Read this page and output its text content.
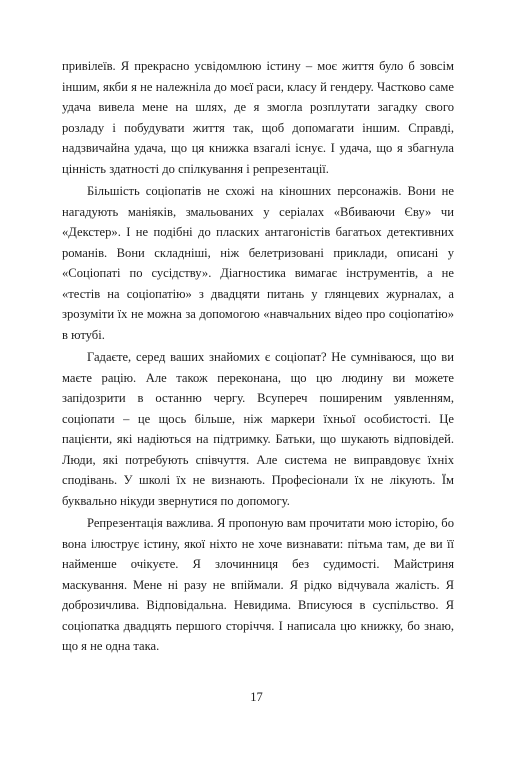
привілеїв. Я прекрасно усвідомлюю істину – моє життя було б зовсім іншим, якби я не належніла до моєї раси, класу й гендеру. Частково саме удача вивела мене на шлях, де я змогла розплутати загадку свого розладу і побудувати життя так, щоб допомагати іншим. Справді, надзвичайна удача, що ця книжка взагалі існує. І удача, що я збагнула цінність здатності до спілкування і репрезентації.

Більшість соціопатів не схожі на кіношних персонажів. Вони не нагадують маніяків, змальованих у серіалах «Вбиваючи Єву» чи «Декстер». І не подібні до пласких антагоністів багатьох детективних романів. Вони складніші, ніж белетризовані приклади, описані у «Соціопаті по сусідству». Діагностика вимагає інструментів, а не «тестів на соціопатію» з двадцяти питань у глянцевих журналах, а зрозуміти їх не можна за допомогою «навчальних відео про соціопатію» в ютубі.

Гадаєте, серед ваших знайомих є соціопат? Не сумніваюся, що ви маєте рацію. Але також переконана, що цю людину ви можете запідозрити в останню чергу. Всупереч поширеним уявленням, соціопати – це щось більше, ніж маркери їхньої особистості. Це пацієнти, які надіються на підтримку. Батьки, що шукають відповідей. Люди, які потребують співчуття. Але система не виправдовує їхніх сподівань. У школі їх не визнають. Професіонали їх не лікують. Їм буквально нікуди звернутися по допомогу.

Репрезентація важлива. Я пропоную вам прочитати мою історію, бо вона ілюструє істину, якої ніхто не хоче визнавати: пітьма там, де ви її найменше очікуєте. Я злочинниця без судимості. Майстриня маскування. Мене ні разу не впіймали. Я рідко відчувала жалість. Я доброзичлива. Відповідальна. Невидима. Вписуюся в суспільство. Я соціопатка двадцять першого сторіччя. І написала цю книжку, бо знаю, що я не одна така.

17
